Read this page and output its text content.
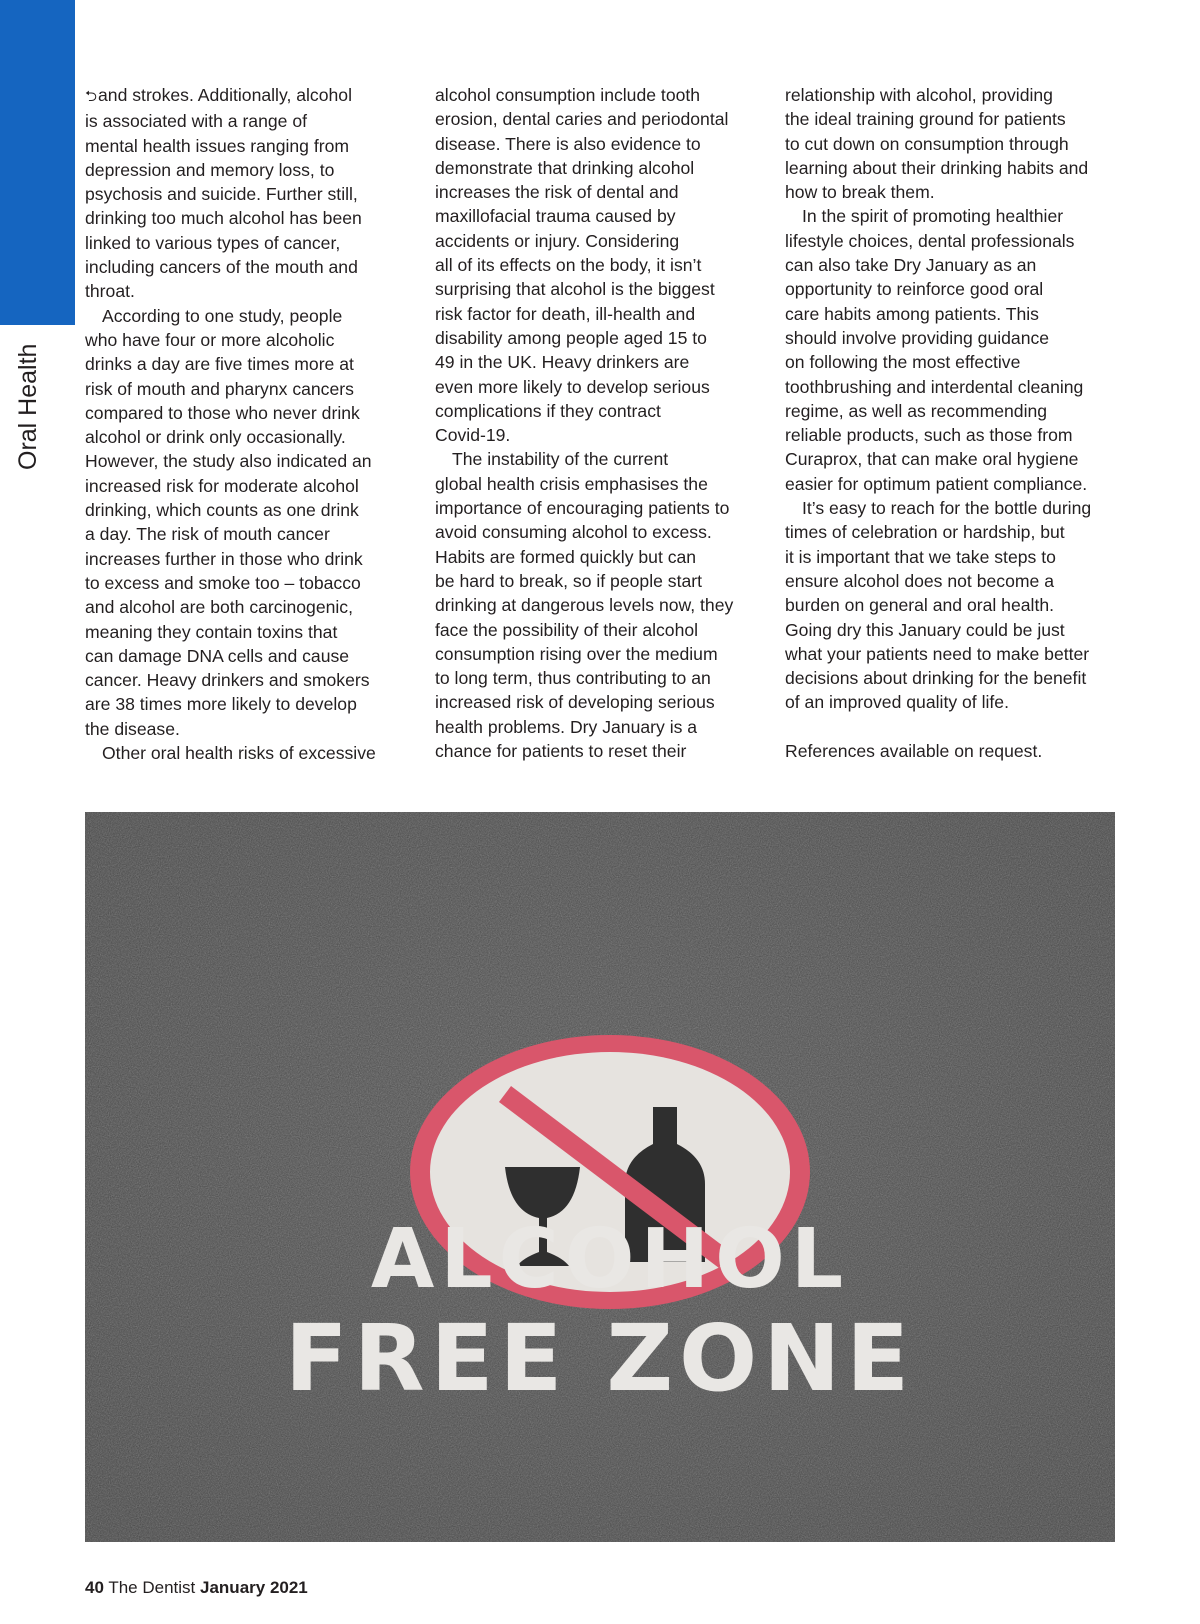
Oral Health
⮌and strokes. Additionally, alcohol
is associated with a range of
mental health issues ranging from
depression and memory loss, to
psychosis and suicide. Further still,
drinking too much alcohol has been
linked to various types of cancer,
including cancers of the mouth and
throat.
According to one study, people
who have four or more alcoholic
drinks a day are five times more at
risk of mouth and pharynx cancers
compared to those who never drink
alcohol or drink only occasionally.
However, the study also indicated an
increased risk for moderate alcohol
drinking, which counts as one drink
a day. The risk of mouth cancer
increases further in those who drink
to excess and smoke too – tobacco
and alcohol are both carcinogenic,
meaning they contain toxins that
can damage DNA cells and cause
cancer. Heavy drinkers and smokers
are 38 times more likely to develop
the disease.
Other oral health risks of excessive
alcohol consumption include tooth
erosion, dental caries and periodontal
disease. There is also evidence to
demonstrate that drinking alcohol
increases the risk of dental and
maxillofacial trauma caused by
accidents or injury. Considering
all of its effects on the body, it isn’t
surprising that alcohol is the biggest
risk factor for death, ill-health and
disability among people aged 15 to
49 in the UK. Heavy drinkers are
even more likely to develop serious
complications if they contract
Covid-19.
The instability of the current
global health crisis emphasises the
importance of encouraging patients to
avoid consuming alcohol to excess.
Habits are formed quickly but can
be hard to break, so if people start
drinking at dangerous levels now, they
face the possibility of their alcohol
consumption rising over the medium
to long term, thus contributing to an
increased risk of developing serious
health problems. Dry January is a
chance for patients to reset their
relationship with alcohol, providing
the ideal training ground for patients
to cut down on consumption through
learning about their drinking habits and
how to break them.
In the spirit of promoting healthier
lifestyle choices, dental professionals
can also take Dry January as an
opportunity to reinforce good oral
care habits among patients. This
should involve providing guidance
on following the most effective
toothbrushing and interdental cleaning
regime, as well as recommending
reliable products, such as those from
Curaprox, that can make oral hygiene
easier for optimum patient compliance.
It’s easy to reach for the bottle during
times of celebration or hardship, but
it is important that we take steps to
ensure alcohol does not become a
burden on general and oral health.
Going dry this January could be just
what your patients need to make better
decisions about drinking for the benefit
of an improved quality of life.
References available on request.
ALCOHOL
FREE ZONE
40 The Dentist January 2021
